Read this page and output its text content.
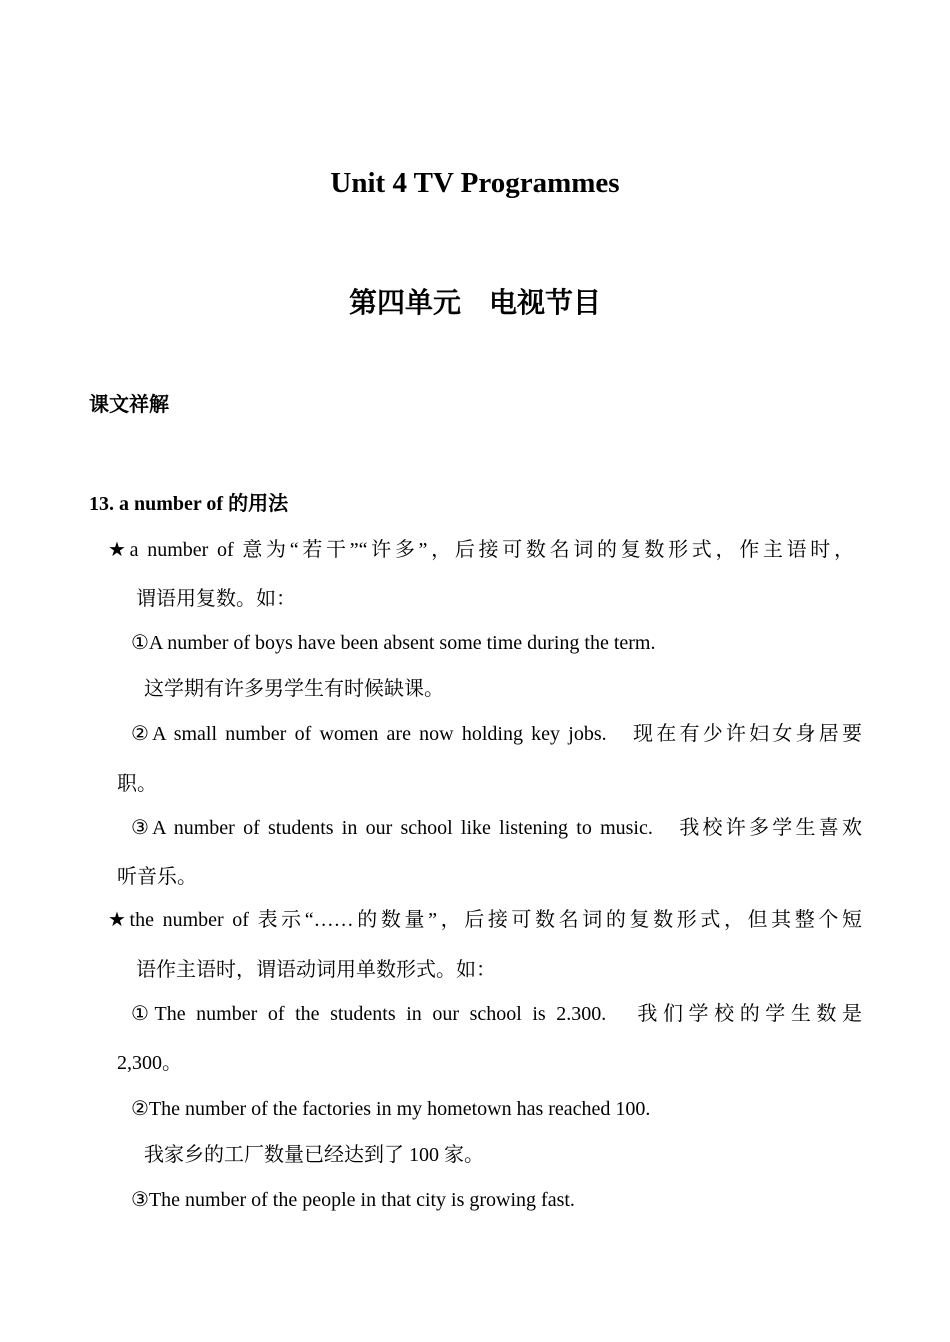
Unit 4 TV Programmes
第四单元　电视节目
课文祥解
13. a number of 的用法
★a number of 意为“若干”“许多”，后接可数名词的复数形式，作主语时，
谓语用复数。如：
①A number of boys have been absent some time during the term.
这学期有许多男学生有时候缺课。
②A small number of women are now holding key jobs.　现在有少许妇女身居要
职。
③A number of students in our school like listening to music.　我校许多学生喜欢
听音乐。
★the number of 表示“……的数量”，后接可数名词的复数形式，但其整个短
语作主语时，谓语动词用单数形式。如：
①The number of the students in our school is 2.300.　我们学校的学生数是
2,300。
②The number of the factories in my hometown has reached 100.
我家乡的工厂数量已经达到了 100 家。
③The number of the people in that city is growing fast.
